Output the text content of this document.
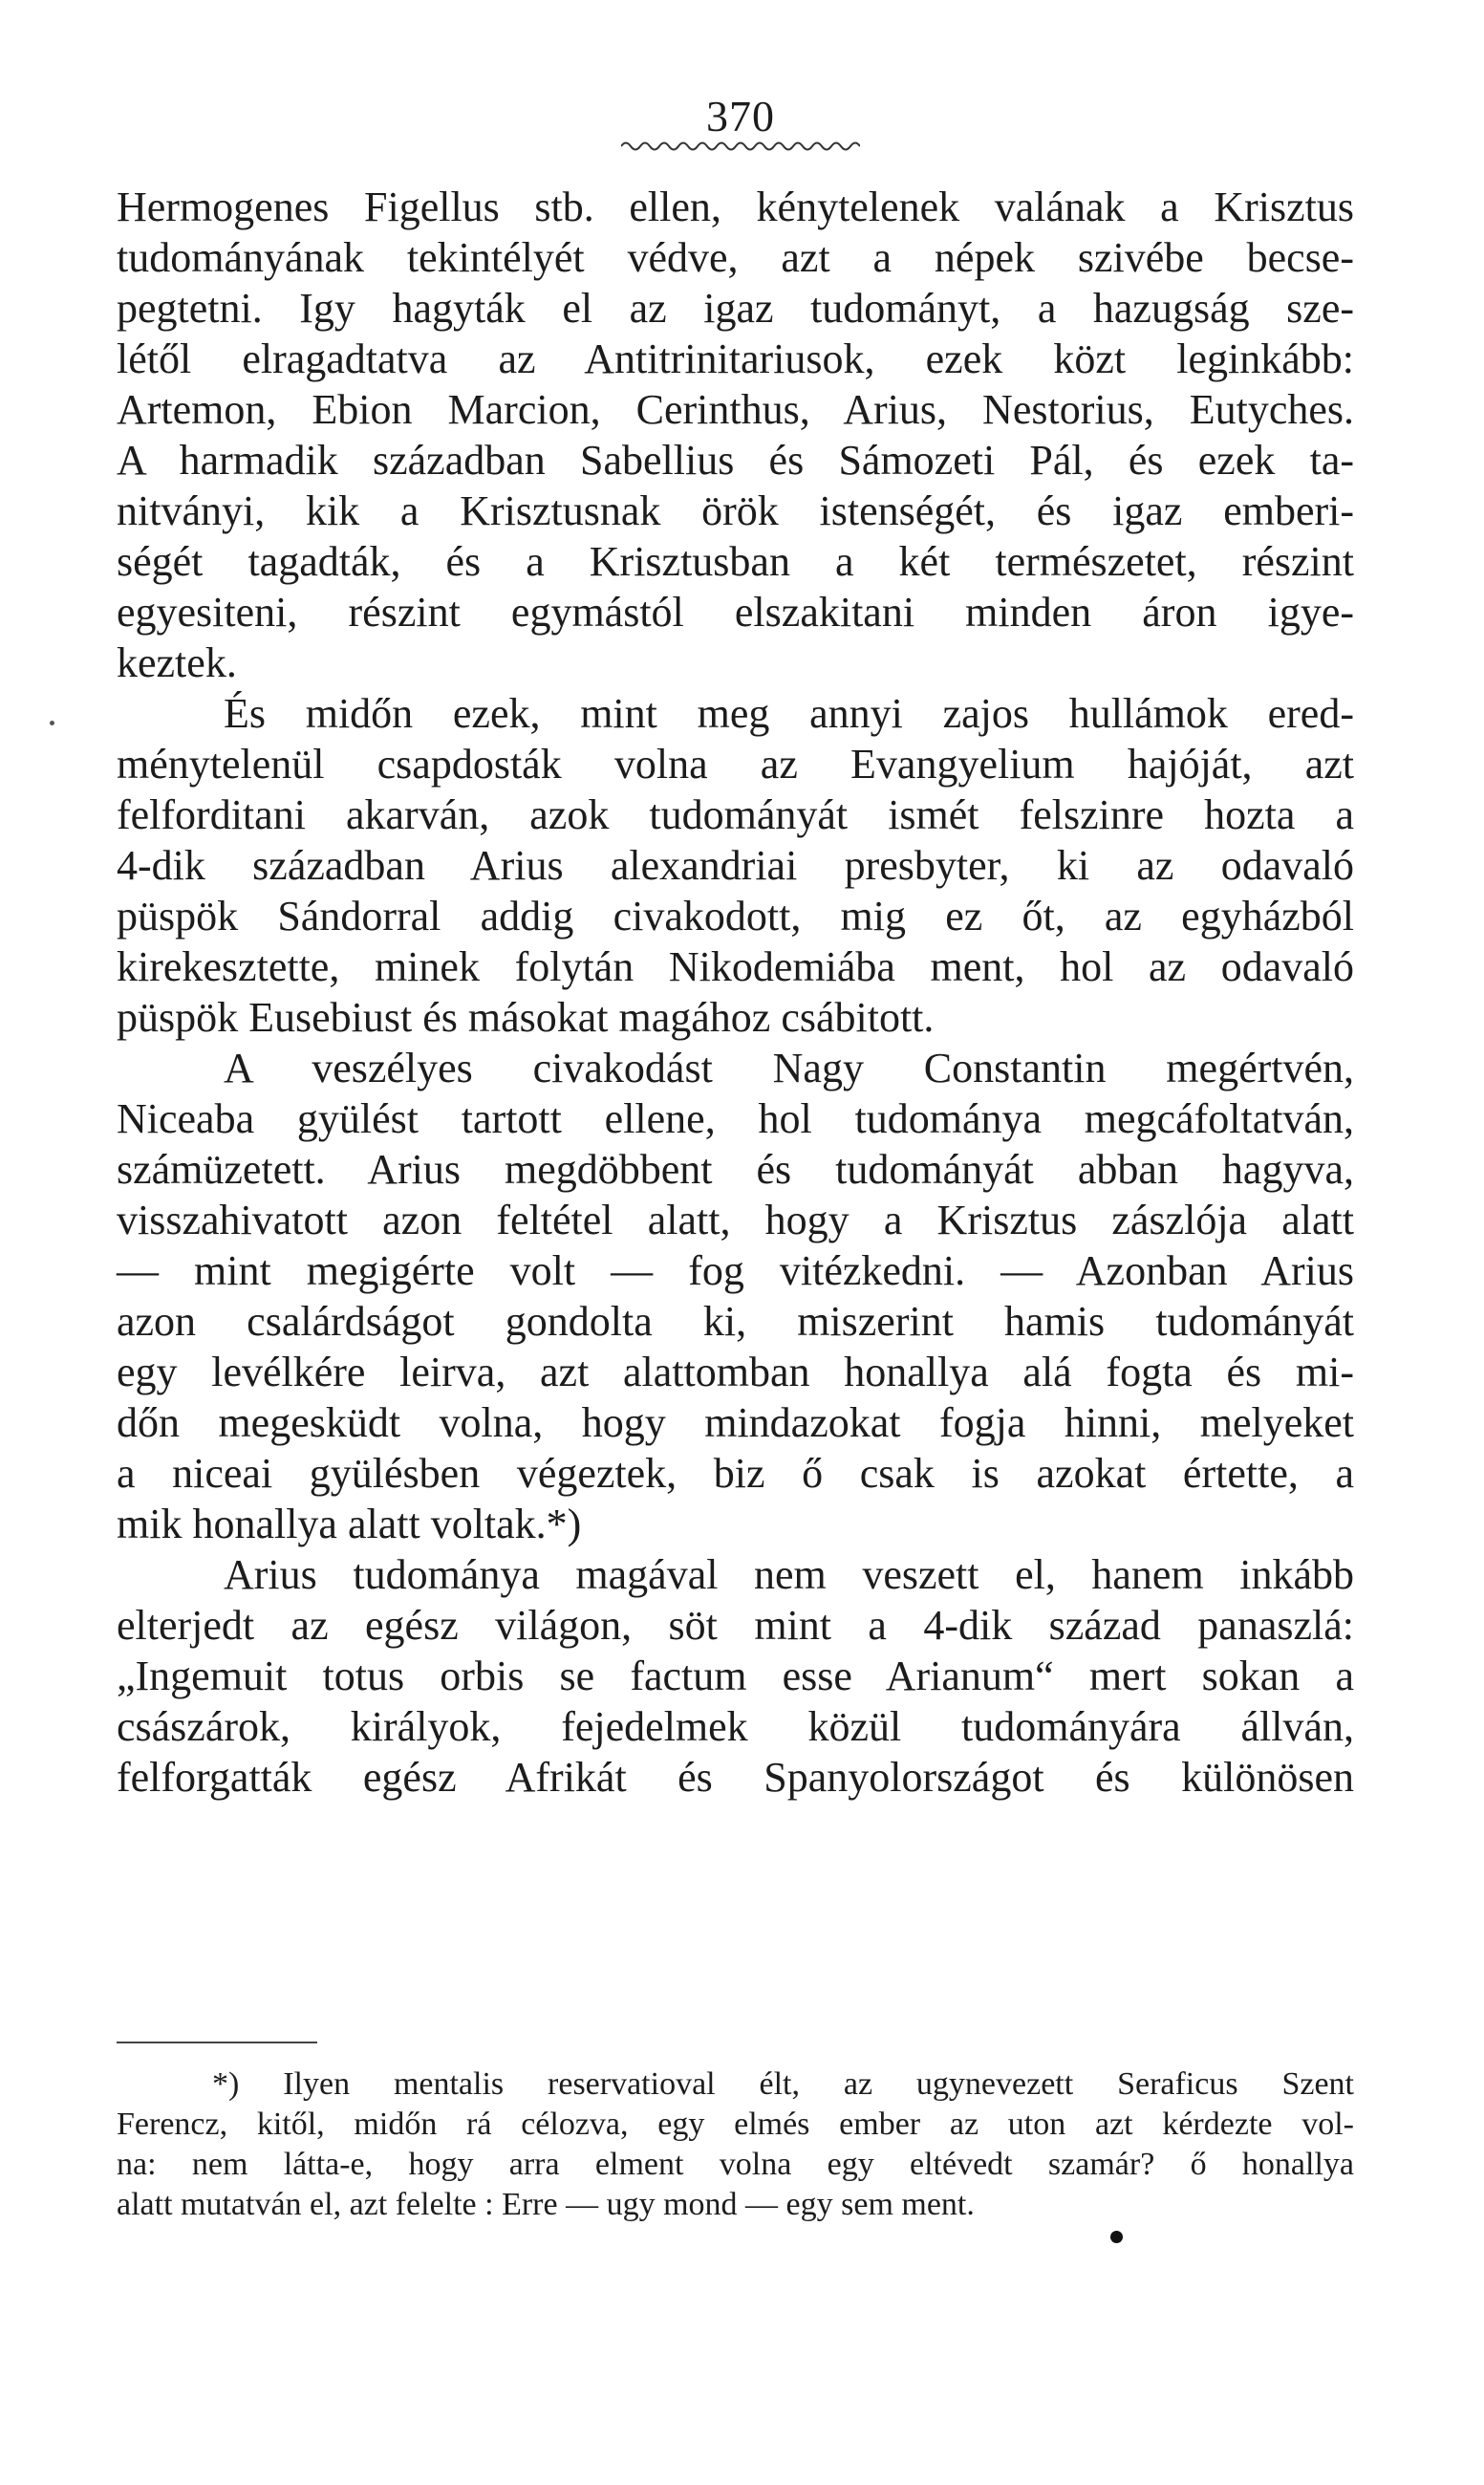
370
Hermogenes Figellus stb. ellen, kénytelenek valának a Krisztus
tudományának tekintélyét védve, azt a népek szivébe becse-
pegtetni. Igy hagyták el az igaz tudományt, a hazugság sze-
létől elragadtatva az Antitrinitariusok, ezek közt leginkább:
Artemon, Ebion Marcion, Cerinthus, Arius, Nestorius, Eutyches.
A harmadik században Sabellius és Sámozeti Pál, és ezek ta-
nitványi, kik a Krisztusnak örök istenségét, és igaz emberi-
ségét tagadták, és a Krisztusban a két természetet, részint
egyesiteni, részint egymástól elszakitani minden áron igye-
keztek.
És midőn ezek, mint meg annyi zajos hullámok ered-
ménytelenül csapdosták volna az Evangyelium hajóját, azt
felforditani akarván, azok tudományát ismét felszinre hozta a
4-dik században Arius alexandriai presbyter, ki az odavaló
püspök Sándorral addig civakodott, mig ez őt, az egyházból
kirekesztette, minek folytán Nikodemiába ment, hol az odavaló
püspök Eusebiust és másokat magához csábitott.
A veszélyes civakodást Nagy Constantin megértvén,
Niceaba gyülést tartott ellene, hol tudománya megcáfoltatván,
számüzetett. Arius megdöbbent és tudományát abban hagyva,
visszahivatott azon feltétel alatt, hogy a Krisztus zászlója alatt
— mint megigérte volt — fog vitézkedni. — Azonban Arius
azon csalárdságot gondolta ki, miszerint hamis tudományát
egy levélkére leirva, azt alattomban honallya alá fogta és mi-
dőn megesküdt volna, hogy mindazokat fogja hinni, melyeket
a niceai gyülésben végeztek, biz ő csak is azokat értette, a
mik honallya alatt voltak.*)
Arius tudománya magával nem veszett el, hanem inkább
elterjedt az egész világon, söt mint a 4-dik század panaszlá:
„Ingemuit totus orbis se factum esse Arianum“ mert sokan a
császárok, királyok, fejedelmek közül tudományára állván,
felforgatták egész Afrikát és Spanyolországot és különösen
*) Ilyen mentalis reservatioval élt, az ugynevezett Seraficus Szent
Ferencz, kitől, midőn rá célozva, egy elmés ember az uton azt kérdezte vol-
na: nem látta-e, hogy arra elment volna egy eltévedt szamár? ő honallya
alatt mutatván el, azt felelte : Erre — ugy mond — egy sem ment.
